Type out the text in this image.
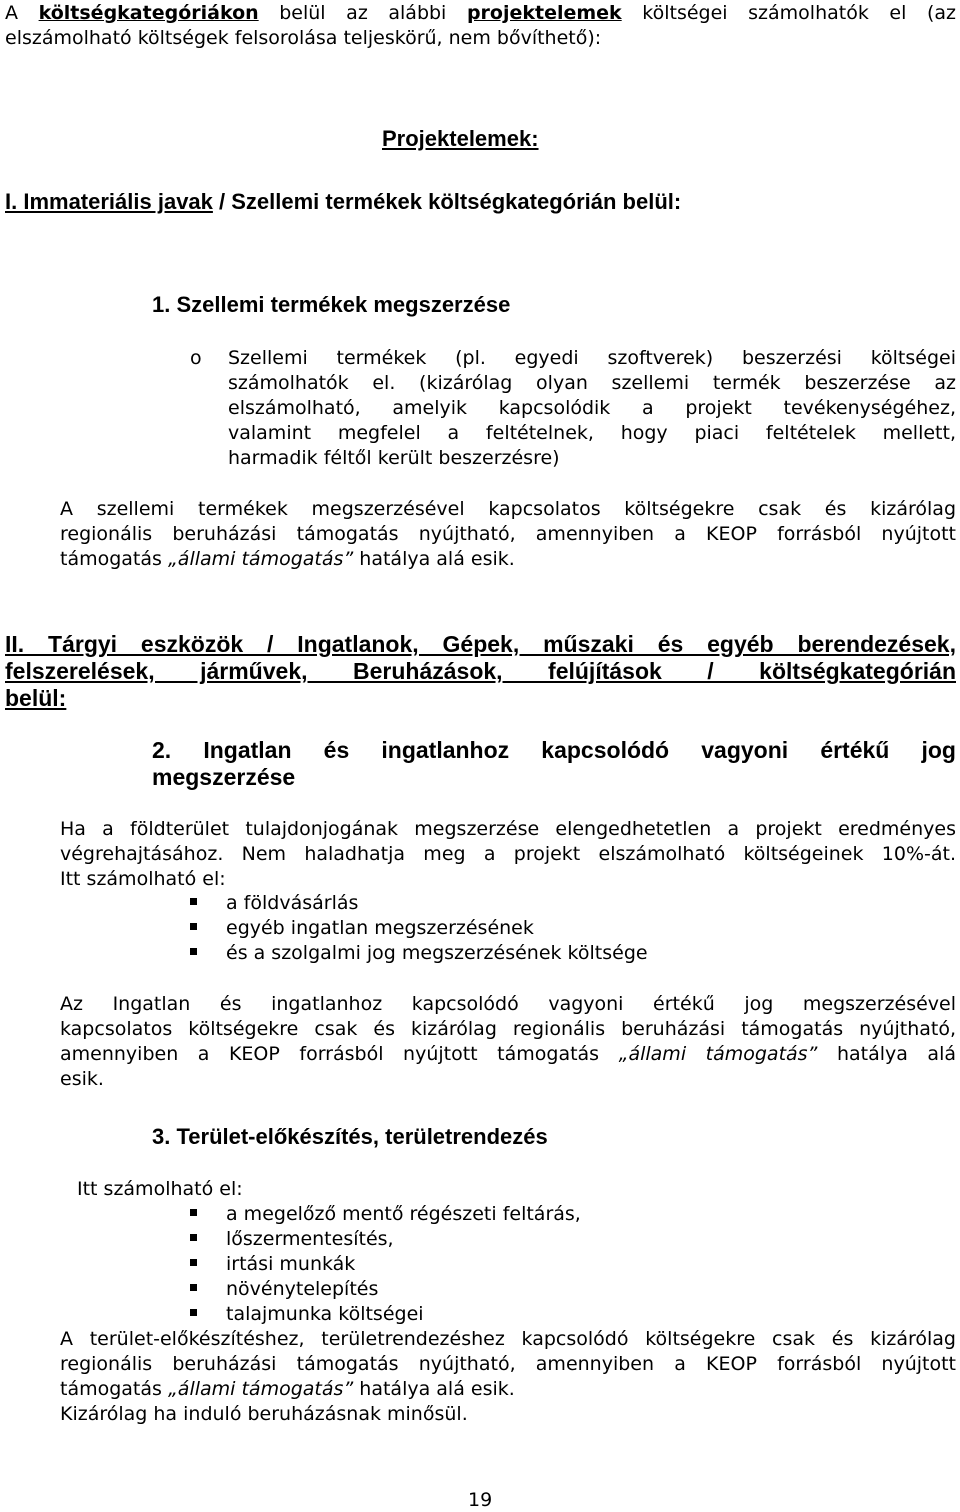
A költségkategóriákon belül az alábbi projektelemek költségei számolhatók el (az
elszámolható költségek felsorolása teljeskörű, nem bővíthető):
Projektelemek:
I. Immateriális javak / Szellemi termékek költségkategórián belül:
1. Szellemi termékek megszerzése
o Szellemi termékek (pl. egyedi szoftverek) beszerzési költségei
számolhatók el. (kizárólag olyan szellemi termék beszerzése az
elszámolható, amelyik kapcsolódik a projekt tevékenységéhez,
valamint megfelel a feltételnek, hogy piaci feltételek mellett,
harmadik féltől került beszerzésre)
A szellemi termékek megszerzésével kapcsolatos költségekre csak és kizárólag
regionális beruházási támogatás nyújtható, amennyiben a KEOP forrásból nyújtott
támogatás „állami támogatás” hatálya alá esik.
II. Tárgyi eszközök / Ingatlanok, Gépek, műszaki és egyéb berendezések,
felszerelések, járművek, Beruházások, felújítások / költségkategórián
belül:
2. Ingatlan és ingatlanhoz kapcsolódó vagyoni értékű jog
megszerzése
Ha a földterület tulajdonjogának megszerzése elengedhetetlen a projekt eredményes
végrehajtásához. Nem haladhatja meg a projekt elszámolható költségeinek 10%-át.
Itt számolható el:
a földvásárlás
egyéb ingatlan megszerzésének
és a szolgalmi jog megszerzésének költsége
Az Ingatlan és ingatlanhoz kapcsolódó vagyoni értékű jog megszerzésével
kapcsolatos költségekre csak és kizárólag regionális beruházási támogatás nyújtható,
amennyiben a KEOP forrásból nyújtott támogatás „állami támogatás” hatálya alá
esik.
3. Terület-előkészítés, területrendezés
Itt számolható el:
a megelőző mentő régészeti feltárás,
lőszermentesítés,
irtási munkák
növénytelepítés
talajmunka költségei
A terület-előkészítéshez, területrendezéshez kapcsolódó költségekre csak és kizárólag
regionális beruházási támogatás nyújtható, amennyiben a KEOP forrásból nyújtott
támogatás „állami támogatás” hatálya alá esik.
Kizárólag ha induló beruházásnak minősül.
19
